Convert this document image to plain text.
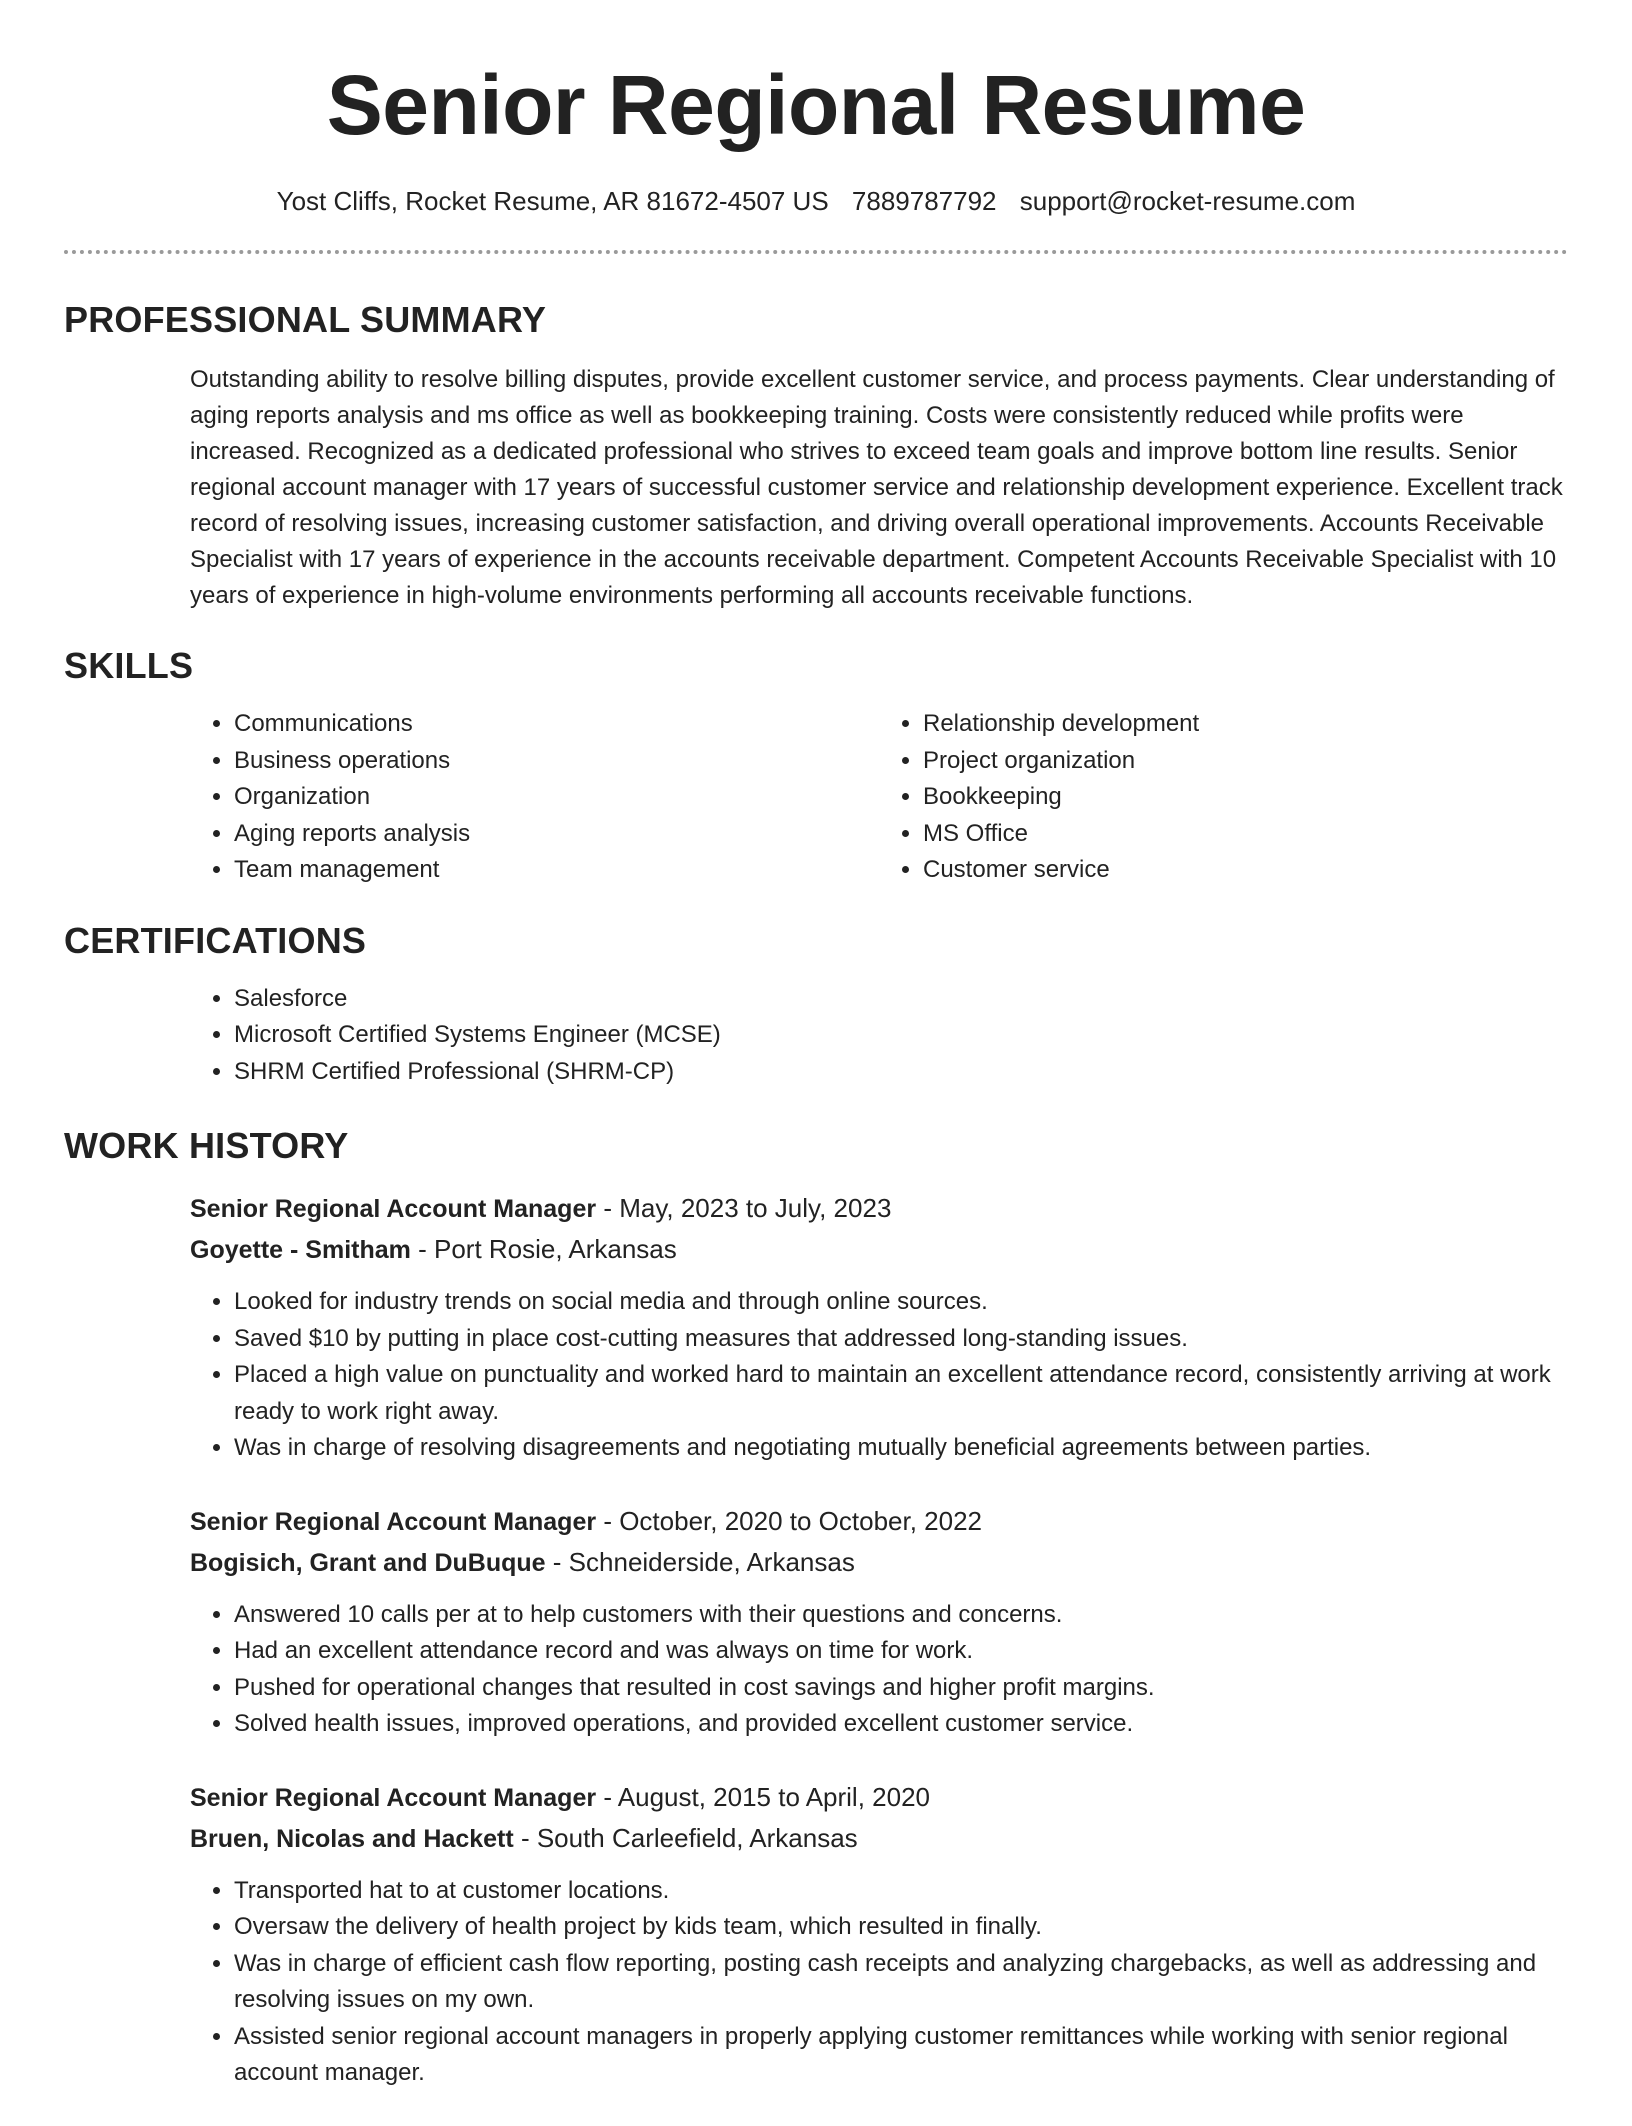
Senior Regional Resume
Yost Cliffs, Rocket Resume, AR 81672-4507 US 7889787792 support@rocket-resume.com
PROFESSIONAL SUMMARY

Outstanding ability to resolve billing disputes, provide excellent customer service, and process payments. Clear understanding of aging reports analysis and ms office as well as bookkeeping training. Costs were consistently reduced while profits were increased. Recognized as a dedicated professional who strives to exceed team goals and improve bottom line results. Senior regional account manager with 17 years of successful customer service and relationship development experience. Excellent track record of resolving issues, increasing customer satisfaction, and driving overall operational improvements. Accounts Receivable Specialist with 17 years of experience in the accounts receivable department. Competent Accounts Receivable Specialist with 10 years of experience in high-volume environments performing all accounts receivable functions.

SKILLS
• Communications
• Business operations
• Organization
• Aging reports analysis
• Team management
• Relationship development
• Project organization
• Bookkeeping
• MS Office
• Customer service
CERTIFICATIONS
• Salesforce
• Microsoft Certified Systems Engineer (MCSE)
• SHRM Certified Professional (SHRM-CP)
WORK HISTORY

Senior Regional Account Manager - May, 2023 to July, 2023

Goyette - Smitham - Port Rosie, Arkansas

• Looked for industry trends on social media and through online sources.
• Saved $10 by putting in place cost-cutting measures that addressed long-standing issues.
• Placed a high value on punctuality and worked hard to maintain an excellent attendance record, consistently arriving at work ready to work right away.
• Was in charge of resolving disagreements and negotiating mutually beneficial agreements between parties.

Senior Regional Account Manager - October, 2020 to October, 2022

Bogisich, Grant and DuBuque - Schneiderside, Arkansas

• Answered 10 calls per at to help customers with their questions and concerns.
• Had an excellent attendance record and was always on time for work.
• Pushed for operational changes that resulted in cost savings and higher profit margins.
• Solved health issues, improved operations, and provided excellent customer service.

Senior Regional Account Manager - August, 2015 to April, 2020

Bruen, Nicolas and Hackett - South Carleefield, Arkansas

• Transported hat to at customer locations.
• Oversaw the delivery of health project by kids team, which resulted in finally.
• Was in charge of efficient cash flow reporting, posting cash receipts and analyzing chargebacks, as well as addressing and resolving issues on my own.
• Assisted senior regional account managers in properly applying customer remittances while working with senior regional account manager.
